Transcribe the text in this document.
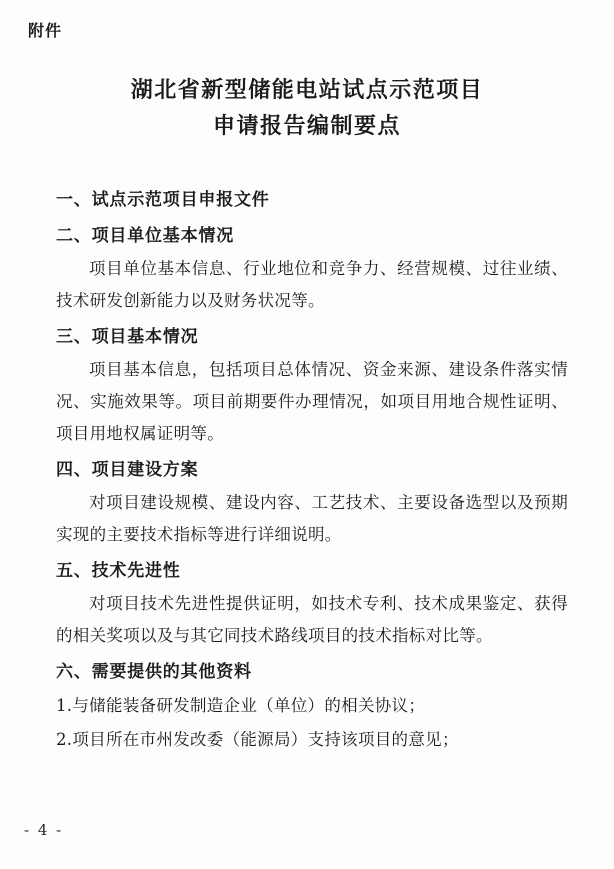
附件
湖北省新型储能电站试点示范项目
申请报告编制要点
一、试点示范项目申报文件
二、项目单位基本情况

项目单位基本信息、行业地位和竞争力、经营规模、过往业绩、技术研发创新能力以及财务状况等。

三、项目基本情况

项目基本信息，包括项目总体情况、资金来源、建设条件落实情况、实施效果等。项目前期要件办理情况，如项目用地合规性证明、项目用地权属证明等。

四、项目建设方案

对项目建设规模、建设内容、工艺技术、主要设备选型以及预期实现的主要技术指标等进行详细说明。

五、技术先进性

对项目技术先进性提供证明，如技术专利、技术成果鉴定、获得的相关奖项以及与其它同技术路线项目的技术指标对比等。

六、需要提供的其他资料

1.与储能装备研发制造企业（单位）的相关协议；

2.项目所在市州发改委（能源局）支持该项目的意见；

- 4 -
